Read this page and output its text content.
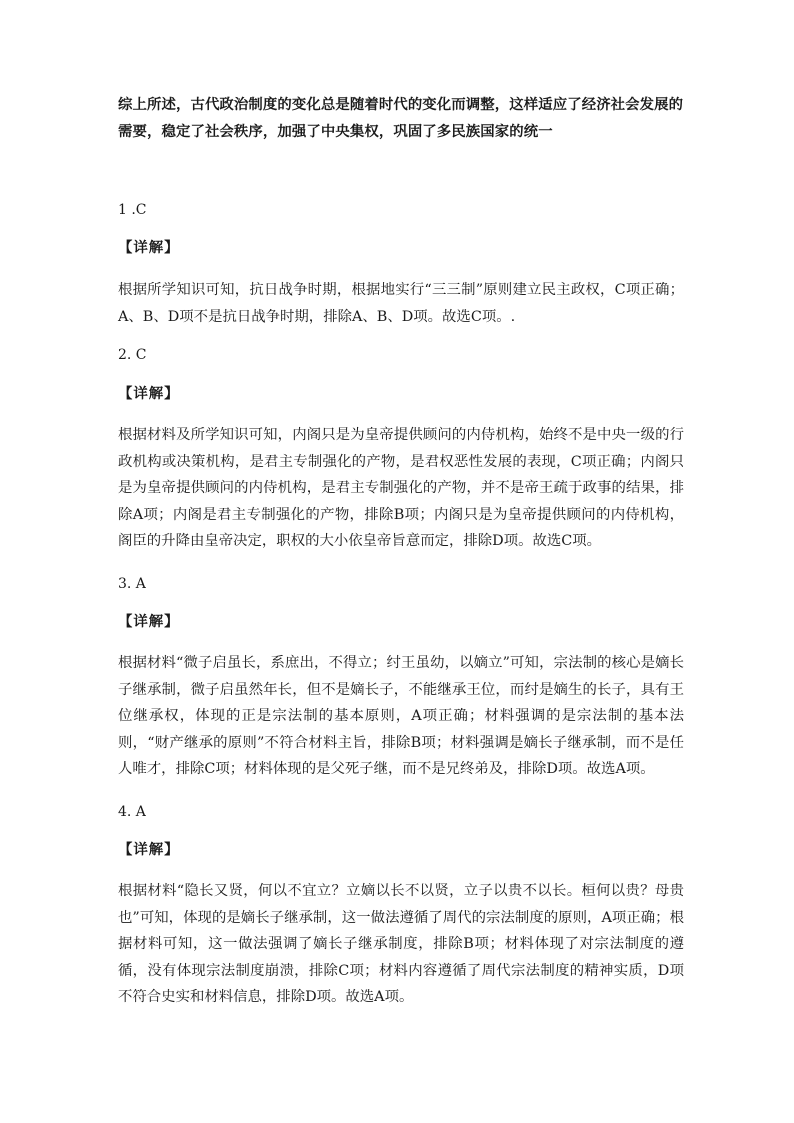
综上所述，古代政治制度的变化总是随着时代的变化而调整，这样适应了经济社会发展的需要，稳定了社会秩序，加强了中央集权，巩固了多民族国家的统一

1 .C

【详解】

根据所学知识可知，抗日战争时期，根据地实行“三三制”原则建立民主政权，C项正确；A、B、D项不是抗日战争时期，排除A、B、D项。故选C项。.

2. C

【详解】

根据材料及所学知识可知，内阁只是为皇帝提供顾问的内侍机构，始终不是中央一级的行政机构或决策机构，是君主专制强化的产物，是君权恶性发展的表现，C项正确；内阁只是为皇帝提供顾问的内侍机构，是君主专制强化的产物，并不是帝王疏于政事的结果，排除A项；内阁是君主专制强化的产物，排除B项；内阁只是为皇帝提供顾问的内侍机构，阁臣的升降由皇帝决定，职权的大小依皇帝旨意而定，排除D项。故选C项。

3. A

【详解】

根据材料“微子启虽长，系庶出，不得立；纣王虽幼，以嫡立”可知，宗法制的核心是嫡长子继承制，微子启虽然年长，但不是嫡长子，不能继承王位，而纣是嫡生的长子，具有王位继承权，体现的正是宗法制的基本原则，A项正确；材料强调的是宗法制的基本法则，“财产继承的原则”不符合材料主旨，排除B项；材料强调是嫡长子继承制，而不是任人唯才，排除C项；材料体现的是父死子继，而不是兄终弟及，排除D项。故选A项。

4. A

【详解】

根据材料“隐长又贤，何以不宜立？立嫡以长不以贤，立子以贵不以长。桓何以贵？母贵也”可知，体现的是嫡长子继承制，这一做法遵循了周代的宗法制度的原则，A项正确；根据材料可知，这一做法强调了嫡长子继承制度，排除B项；材料体现了对宗法制度的遵循，没有体现宗法制度崩溃，排除C项；材料内容遵循了周代宗法制度的精神实质，D项不符合史实和材料信息，排除D项。故选A项。
